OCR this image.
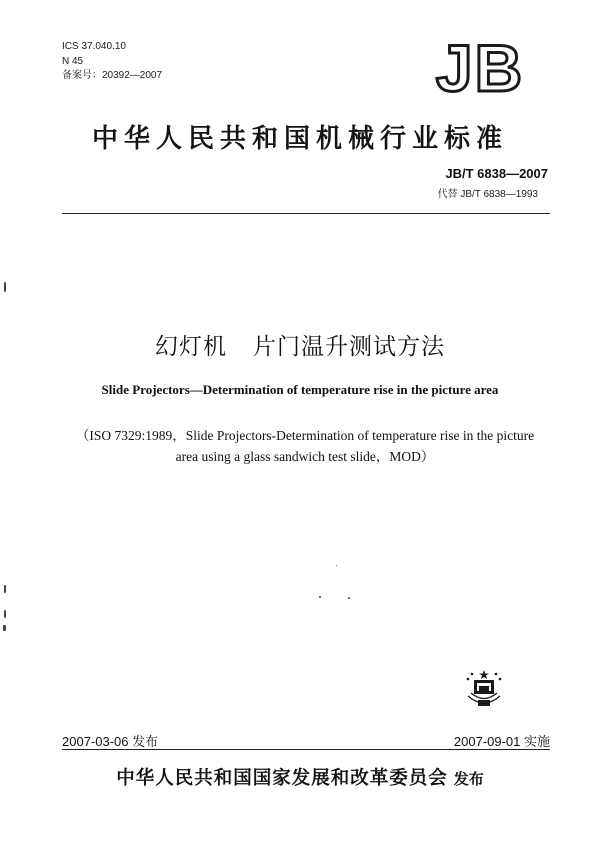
ICS 37.040.10
N 45
备案号：20392—2007	JB
中华人民共和国机械行业标准
JB/T 6838—2007
代替 JB/T 6838—1993
幻灯机 片门温升测试方法
Slide Projectors—Determination of temperature rise in the picture area
（ISO 7329:1989，Slide Projectors-Determination of temperature rise in the picture
area using a glass sandwich test slide，MOD）
2007-03-06 发布	2007-09-01 实施
中华人民共和国国家发展和改革委员会 发布
